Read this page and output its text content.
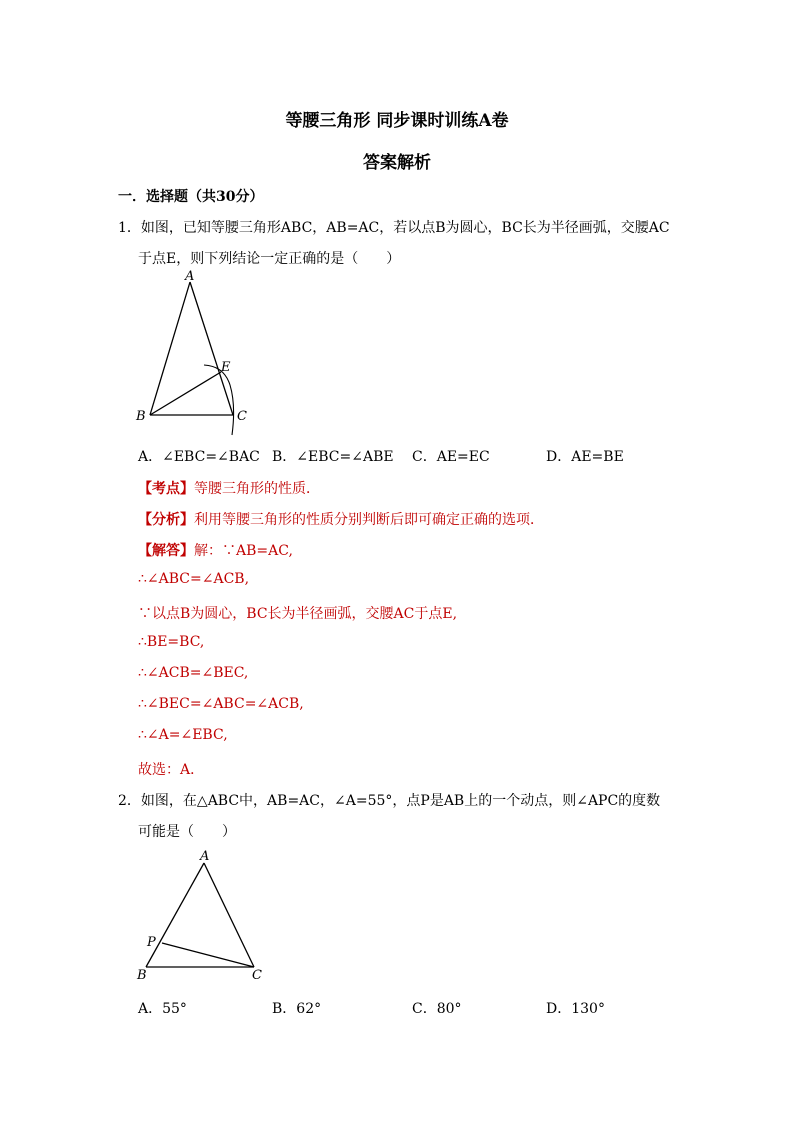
等腰三角形 同步课时训练A卷
答案解析
一．选择题（共30分）
1．如图，已知等腰三角形ABC，AB=AC，若以点B为圆心，BC长为半径画弧，交腰AC
于点E，则下列结论一定正确的是（　　）
A
B	C
E
A．∠EBC=∠BAC B．∠EBC=∠ABE C．AE=EC	D．AE=BE
【考点】等腰三角形的性质．
【分析】利用等腰三角形的性质分别判断后即可确定正确的选项．
【解答】解：∵AB=AC,
∴∠ABC=∠ACB,
∵以点B为圆心，BC长为半径画弧，交腰AC于点E,
∴BE=BC,
∴∠ACB=∠BEC,
∴∠BEC=∠ABC=∠ACB,
∴∠A=∠EBC,
故选：A．
2．如图，在△ABC中，AB=AC，∠A=55°，点P是AB上的一个动点，则∠APC的度数
可能是（　　）
A
B	C
P
A．55°	B．62°	C．80°	D．130°
